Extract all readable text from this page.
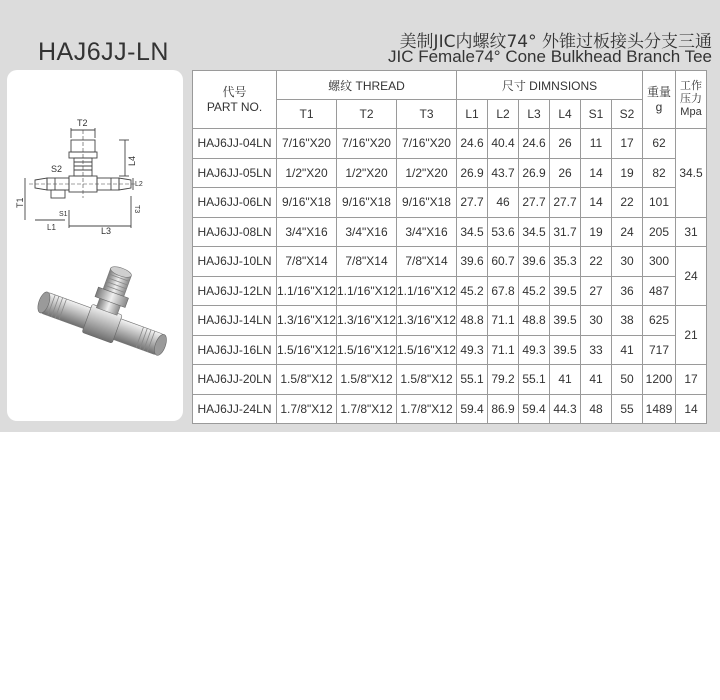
HAJ6JJ-LN	美制JIC内螺纹74° 外锥过板接头分支三通
JIC Female74° Cone Bulkhead Branch Tee
T2
S2
L4
L2
T1
S1
L1	L3
T3
代号
PART NO.	螺纹 THREAD			尺寸 DIMNSIONS						重量
g	工作
压力
Mpa

	T1	T2	T3	L1	L2	L3	L4	S1	S2		
HAJ6JJ-04LN	7/16"X20	7/16"X20	7/16"X20	24.6	40.4	24.6	26	11	17	62	34.5
HAJ6JJ-05LN	1/2"X20	1/2"X20	1/2"X20	26.9	43.7	26.9	26	14	19	82	
HAJ6JJ-06LN	9/16"X18	9/16"X18	9/16"X18	27.7	46	27.7	27.7	14	22	101	
HAJ6JJ-08LN	3/4"X16	3/4"X16	3/4"X16	34.5	53.6	34.5	31.7	19	24	205	31
HAJ6JJ-10LN	7/8"X14	7/8"X14	7/8"X14	39.6	60.7	39.6	35.3	22	30	300	24
HAJ6JJ-12LN	1.1/16"X12	1.1/16"X12	1.1/16"X12	45.2	67.8	45.2	39.5	27	36	487	
HAJ6JJ-14LN	1.3/16"X12	1.3/16"X12	1.3/16"X12	48.8	71.1	48.8	39.5	30	38	625	21
HAJ6JJ-16LN	1.5/16"X12	1.5/16"X12	1.5/16"X12	49.3	71.1	49.3	39.5	33	41	717	
HAJ6JJ-20LN	1.5/8"X12	1.5/8"X12	1.5/8"X12	55.1	79.2	55.1	41	41	50	1200	17
HAJ6JJ-24LN	1.7/8"X12	1.7/8"X12	1.7/8"X12	59.4	86.9	59.4	44.3	48	55	1489	14
